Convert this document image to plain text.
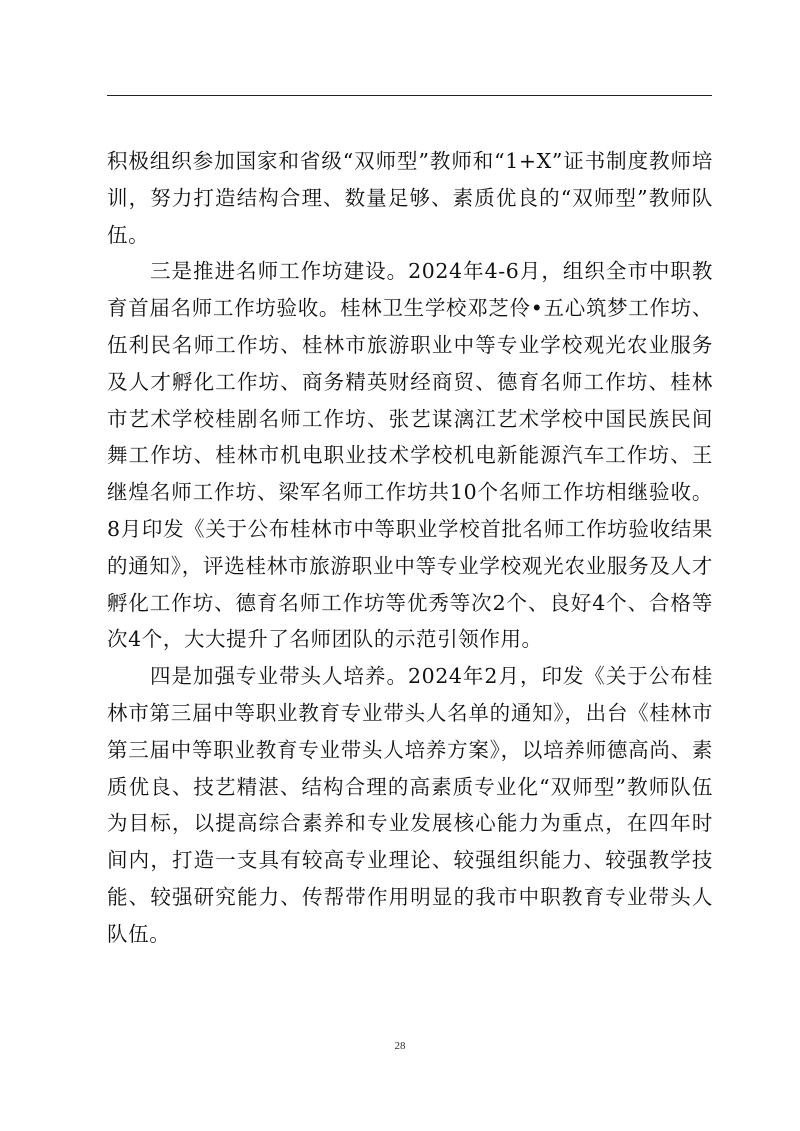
积极组织参加国家和省级“双师型”教师和“1+X”证书制度教师培训，努力打造结构合理、数量足够、素质优良的“双师型”教师队伍。

三是推进名师工作坊建设。2024年4-6月，组织全市中职教育首届名师工作坊验收。桂林卫生学校邓芝伶•五心筑梦工作坊、伍利民名师工作坊、桂林市旅游职业中等专业学校观光农业服务及人才孵化工作坊、商务精英财经商贸、德育名师工作坊、桂林市艺术学校桂剧名师工作坊、张艺谋漓江艺术学校中国民族民间舞工作坊、桂林市机电职业技术学校机电新能源汽车工作坊、王继煌名师工作坊、梁军名师工作坊共10个名师工作坊相继验收。8月印发《关于公布桂林市中等职业学校首批名师工作坊验收结果的通知》，评选桂林市旅游职业中等专业学校观光农业服务及人才孵化工作坊、德育名师工作坊等优秀等次2个、良好4个、合格等次4个，大大提升了名师团队的示范引领作用。

四是加强专业带头人培养。2024年2月，印发《关于公布桂林市第三届中等职业教育专业带头人名单的通知》，出台《桂林市第三届中等职业教育专业带头人培养方案》，以培养师德高尚、素质优良、技艺精湛、结构合理的高素质专业化“双师型”教师队伍为目标，以提高综合素养和专业发展核心能力为重点，在四年时间内，打造一支具有较高专业理论、较强组织能力、较强教学技能、较强研究能力、传帮带作用明显的我市中职教育专业带头人队伍。

28
